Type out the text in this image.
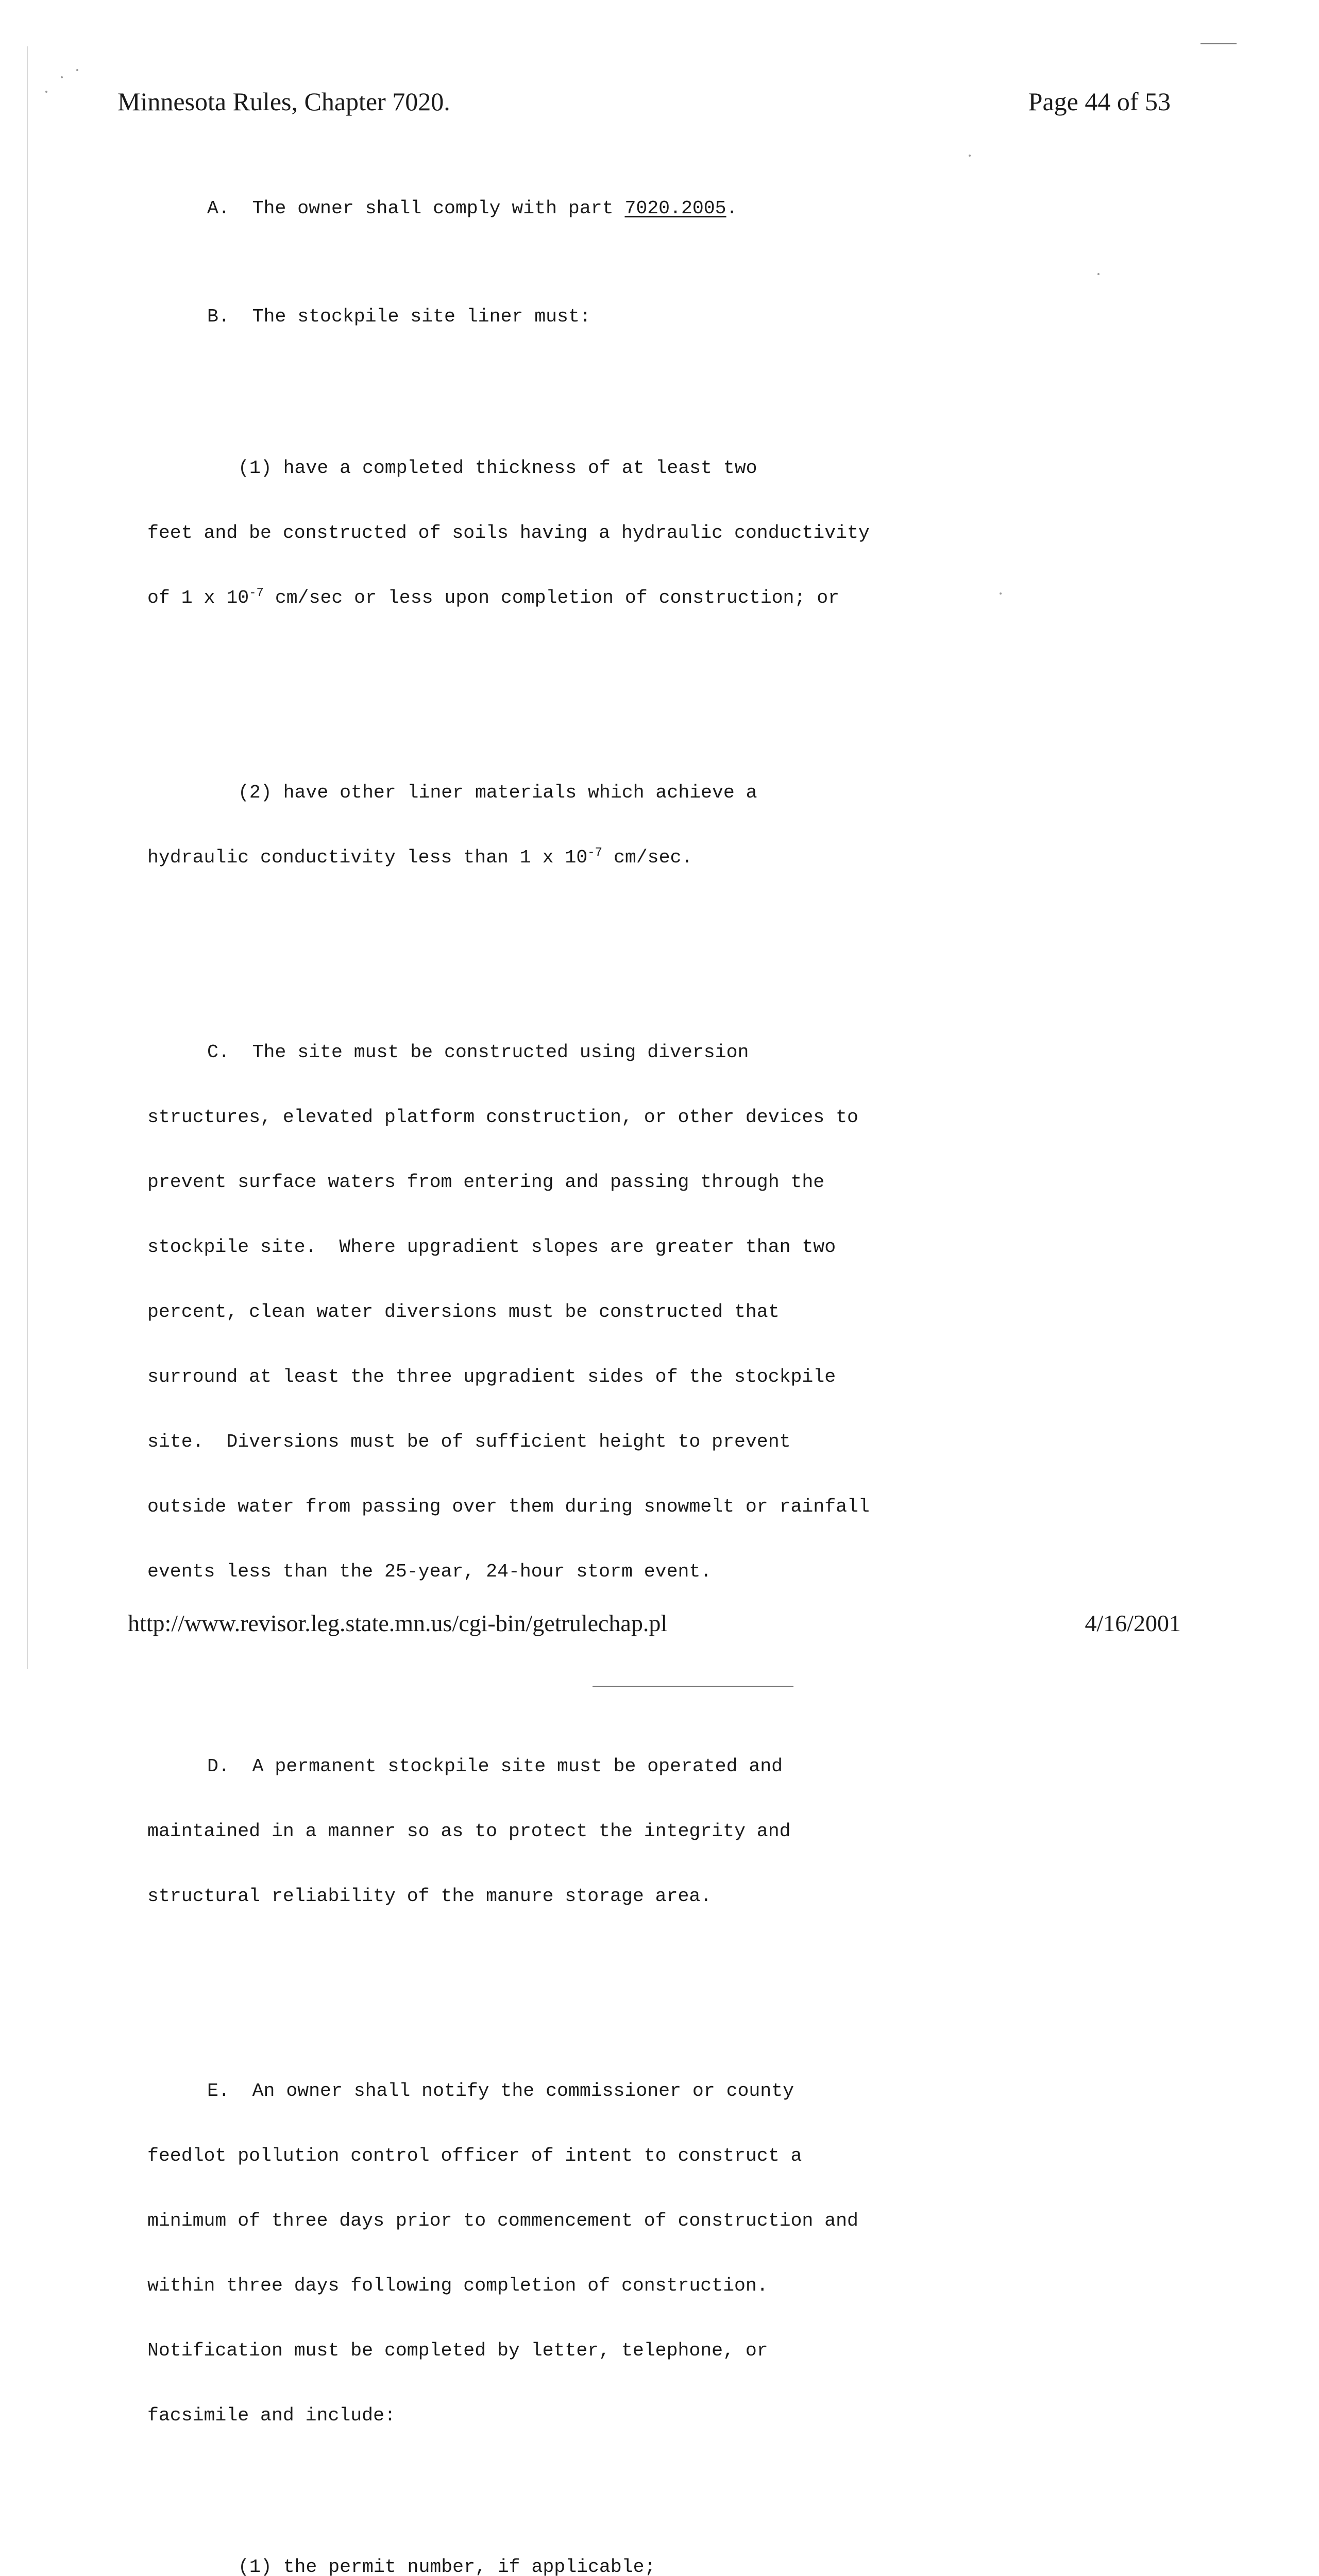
Minnesota Rules, Chapter 7020.	Page 44 of 53

A.  The owner shall comply with part 7020.2005.

B.  The stockpile site liner must:

(1) have a completed thickness of at least two

feet and be constructed of soils having a hydraulic conductivity

of 1 x $10^{-7}$ cm/sec or less upon completion of construction; or

(2) have other liner materials which achieve a

hydraulic conductivity less than 1 x $10^{-7}$ cm/sec.

C.  The site must be constructed using diversion

structures, elevated platform construction, or other devices to

prevent surface waters from entering and passing through the

stockpile site.  Where upgradient slopes are greater than two

percent, clean water diversions must be constructed that

surround at least the three upgradient sides of the stockpile

site.  Diversions must be of sufficient height to prevent

outside water from passing over them during snowmelt or rainfall

events less than the 25-year, 24-hour storm event.

D.  A permanent stockpile site must be operated and

maintained in a manner so as to protect the integrity and

structural reliability of the manure storage area.

E.  An owner shall notify the commissioner or county

feedlot pollution control officer of intent to construct a

minimum of three days prior to commencement of construction and

within three days following completion of construction.

Notification must be completed by letter, telephone, or

facsimile and include:

(1) the permit number, if applicable;

http://www.revisor.leg.state.mn.us/cgi-bin/getrulechap.pl	4/16/2001
